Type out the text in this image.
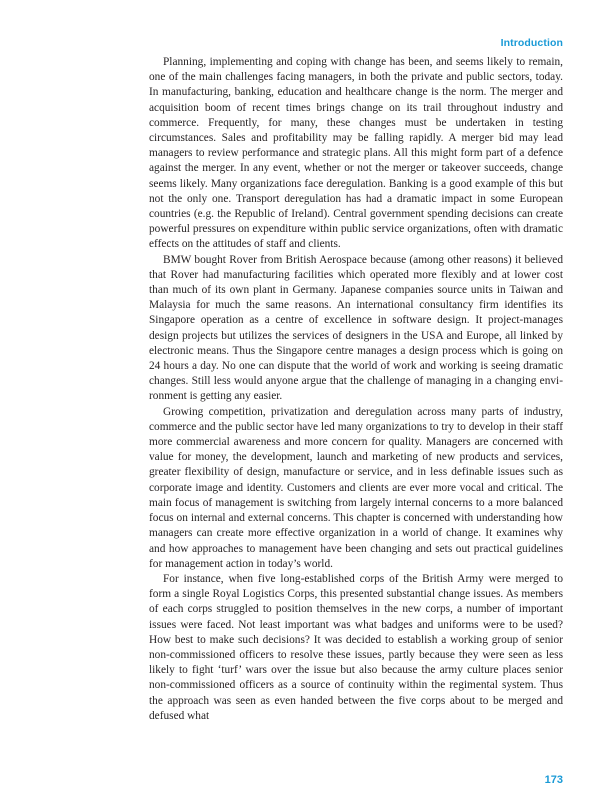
Introduction

Planning, implementing and coping with change has been, and seems likely to remain, one of the main challenges facing managers, in both the private and public sectors, today. In manufacturing, banking, education and healthcare change is the norm. The merger and acquisition boom of recent times brings change on its trail throughout industry and commerce. Frequently, for many, these changes must be undertaken in testing circumstances. Sales and profitability may be falling rapidly. A merger bid may lead managers to review performance and strategic plans. All this might form part of a defence against the merger. In any event, whether or not the merger or takeover succeeds, change seems likely. Many organizations face deregulation. Banking is a good example of this but not the only one. Transport deregulation has had a dramatic impact in some European countries (e.g. the Republic of Ireland). Central government spending decisions can create powerful pressures on expenditure within public service organizations, often with dramatic effects on the attitudes of staff and clients.

BMW bought Rover from British Aerospace because (among other reasons) it believed that Rover had manufacturing facilities which operated more flexibly and at lower cost than much of its own plant in Germany. Japanese companies source units in Taiwan and Malaysia for much the same reasons. An international consultancy firm identifies its Singapore operation as a centre of excellence in software design. It project-manages design projects but utilizes the services of designers in the USA and Europe, all linked by electronic means. Thus the Singapore centre manages a design process which is going on 24 hours a day. No one can dispute that the world of work and working is seeing dramatic changes. Still less would anyone argue that the challenge of managing in a changing environment is getting any easier.

Growing competition, privatization and deregulation across many parts of industry, commerce and the public sector have led many organizations to try to develop in their staff more commercial awareness and more concern for quality. Managers are concerned with value for money, the development, launch and marketing of new products and services, greater flexibility of design, manufacture or service, and in less definable issues such as corporate image and identity. Customers and clients are ever more vocal and critical. The main focus of management is switching from largely internal concerns to a more balanced focus on internal and external concerns. This chapter is concerned with understanding how managers can create more effective organization in a world of change. It examines why and how approaches to management have been changing and sets out practical guidelines for management action in today’s world.

For instance, when five long-established corps of the British Army were merged to form a single Royal Logistics Corps, this presented substantial change issues. As members of each corps struggled to position themselves in the new corps, a number of important issues were faced. Not least important was what badges and uniforms were to be used? How best to make such decisions? It was decided to establish a working group of senior non-commissioned officers to resolve these issues, partly because they were seen as less likely to fight ‘turf’ wars over the issue but also because the army culture places senior non-commissioned officers as a source of continuity within the regimental system. Thus the approach was seen as even handed between the five corps about to be merged and defused what

173
